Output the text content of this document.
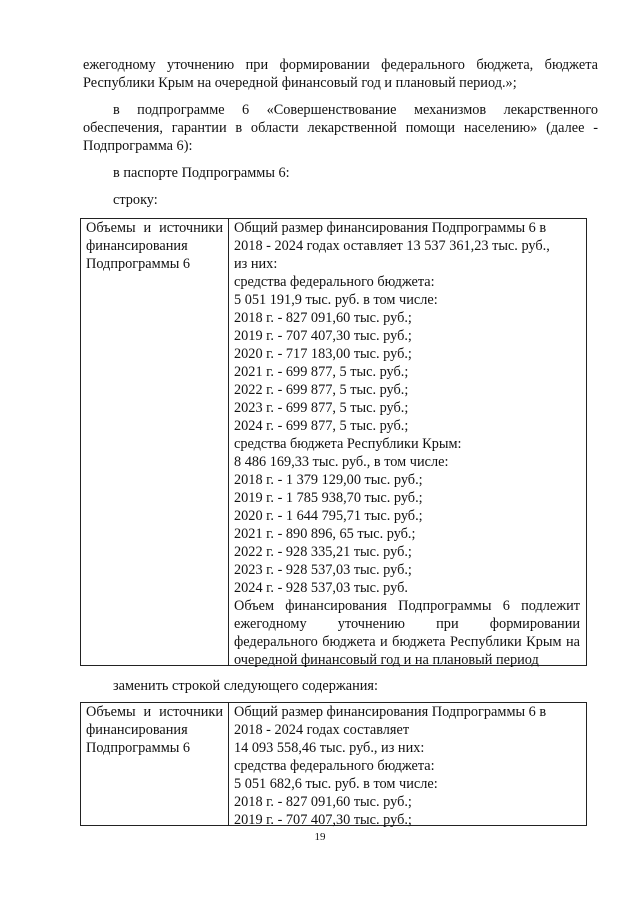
ежегодному уточнению при формировании федерального бюджета, бюджета Республики Крым на очередной финансовый год и плановый период.»;

в подпрограмме 6 «Совершенствование механизмов лекарственного обеспечения, гарантии в области лекарственной помощи населению» (далее - Подпрограмма 6):

в паспорте Подпрограммы 6:

строку:

Объемы и источники финансирования Подпрограммы 6
Общий размер финансирования Подпрограммы 6 в
2018 - 2024 годах оставляет 13 537 361,23 тыс. руб.,
из них:
средства федерального бюджета:
5 051 191,9 тыс. руб. в том числе:
2018 г. - 827 091,60 тыс. руб.;
2019 г. - 707 407,30 тыс. руб.;
2020 г. - 717 183,00 тыс. руб.;
2021 г. - 699 877, 5 тыс. руб.;
2022 г. - 699 877, 5 тыс. руб.;
2023 г. - 699 877, 5 тыс. руб.;
2024 г. - 699 877, 5 тыс. руб.;
средства бюджета Республики Крым:
8 486 169,33 тыс. руб., в том числе:
2018 г. - 1 379 129,00 тыс. руб.;
2019 г. - 1 785 938,70 тыс. руб.;
2020 г. - 1 644 795,71 тыс. руб.;
2021 г. - 890 896, 65 тыс. руб.;
2022 г. - 928 335,21 тыс. руб.;
2023 г. - 928 537,03 тыс. руб.;
2024 г. - 928 537,03 тыс. руб.
Объем финансирования Подпрограммы 6 подлежит ежегодному уточнению при формировании федерального бюджета и бюджета Республики Крым на очередной финансовый год и на плановый период

заменить строкой следующего содержания:

Объемы и источники финансирования Подпрограммы 6
Общий размер финансирования Подпрограммы 6 в
2018 - 2024 годах составляет
14 093 558,46 тыс. руб., из них:
средства федерального бюджета:
5 051 682,6 тыс. руб. в том числе:
2018 г. - 827 091,60 тыс. руб.;
2019 г. - 707 407,30 тыс. руб.;
19
